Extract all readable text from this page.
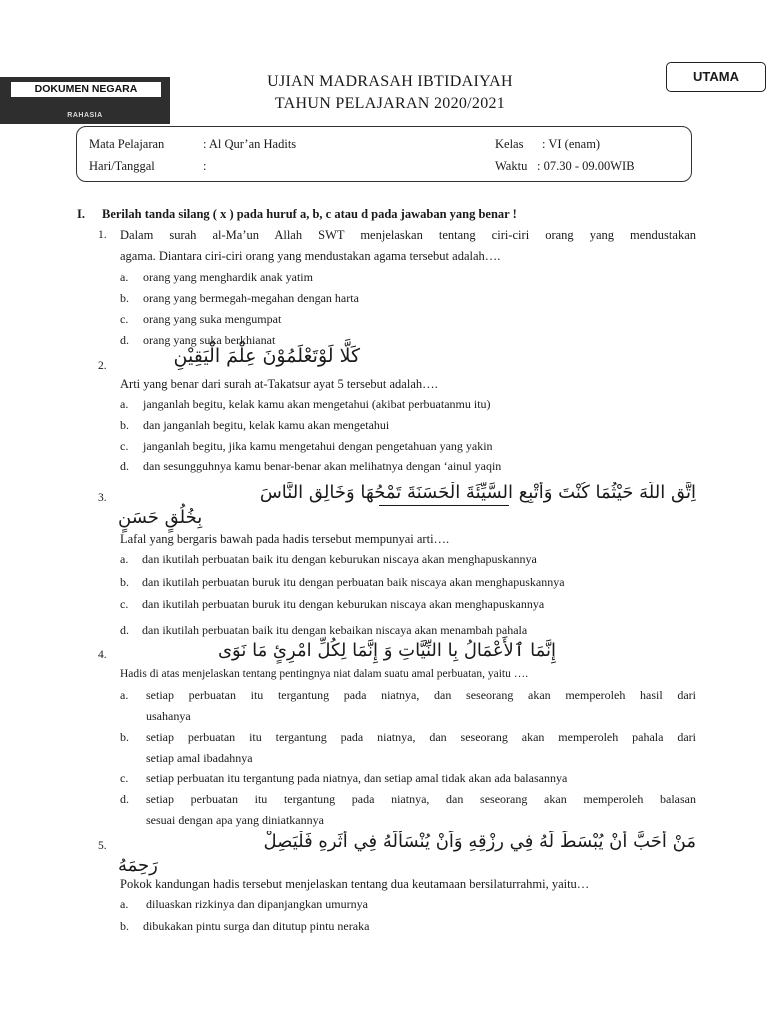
DOKUMEN NEGARA
RAHASIA
UTAMA
UJIAN MADRASAH IBTIDAIYAH
TAHUN PELAJARAN 2020/2021
Mata Pelajaran	: Al Qur’an Hadits
Hari/Tanggal	:
Kelas : VI (enam)
Waktu : 07.30 - 09.00WIB
I. Berilah tanda silang ( x ) pada huruf a, b, c atau d pada jawaban yang benar !
1. Dalam surah al-Ma’un Allah SWT menjelaskan tentang ciri-ciri orang yang mendustakan
agama. Diantara ciri-ciri orang yang mendustakan agama tersebut adalah….
a.	orang yang menghardik anak yatim
b.	orang yang bermegah-megahan dengan harta
c.	orang yang suka mengumpat
d.	orang yang suka berkhianat
2.	كَلَّا لَوْتَعْلَمُوْنَ عِلْمَ الْيَقِيْنِ
Arti yang benar dari surah at-Takatsur ayat 5 tersebut adalah….
a.	janganlah begitu, kelak kamu akan mengetahui (akibat perbuatanmu itu)
b.	dan janganlah begitu, kelak kamu akan mengetahui
c.	janganlah begitu, jika kamu mengetahui dengan pengetahuan yang yakin
d.	dan sesungguhnya kamu benar-benar akan melihatnya dengan ‘ainul yaqin
3.	اِتَّقِ اللَّهَ حَيْثُمَا كُنْتَ وَأَتْبِعِ السَّيِّئَةَ الْحَسَنَةَ تَمْحُهَا وَخَالِقِ النَّاسَ
بِخُلُقٍ حَسَنٍ
Lafal yang bergaris bawah pada hadis tersebut mempunyai arti….
a.	dan ikutilah perbuatan baik itu dengan keburukan niscaya akan menghapuskannya
b.	dan ikutilah perbuatan buruk itu dengan perbuatan baik niscaya akan menghapuskannya
c.	dan ikutilah perbuatan buruk itu dengan keburukan niscaya akan menghapuskannya
d.	dan ikutilah perbuatan baik itu dengan kebaikan niscaya akan menambah pahala
4.	إِنَّمَا ٱلأَعْمَالُ بِا النِّيَّاتِ وَ إِنَّمَا لِكُلِّ امْرِئٍ مَا نَوَى
Hadis di atas menjelaskan tentang pentingnya niat dalam suatu amal perbuatan, yaitu ….
a.	setiap perbuatan itu tergantung pada niatnya, dan seseorang akan memperoleh hasil dari
usahanya
b.	setiap perbuatan itu tergantung pada niatnya, dan seseorang akan memperoleh pahala dari
setiap amal ibadahnya
c.	setiap perbuatan itu tergantung pada niatnya, dan setiap amal tidak akan ada balasannya
d.	setiap perbuatan itu tergantung pada niatnya, dan seseorang akan memperoleh balasan
sesuai dengan apa yang diniatkannya
5.	مَنْ أَحَبَّ أَنْ يُبْسَطَ لَهُ فِي رِزْقِهِ وَاَنْ يُنْسَأَلَهُ فِي أَثَرِهِ فَلْيَصِلْ
رَحِمَهُ
Pokok kandungan hadis tersebut menjelaskan tentang dua keutamaan bersilaturrahmi, yaitu…
a.	diluaskan rizkinya dan dipanjangkan umurnya
b.	dibukakan pintu surga dan ditutup pintu neraka
